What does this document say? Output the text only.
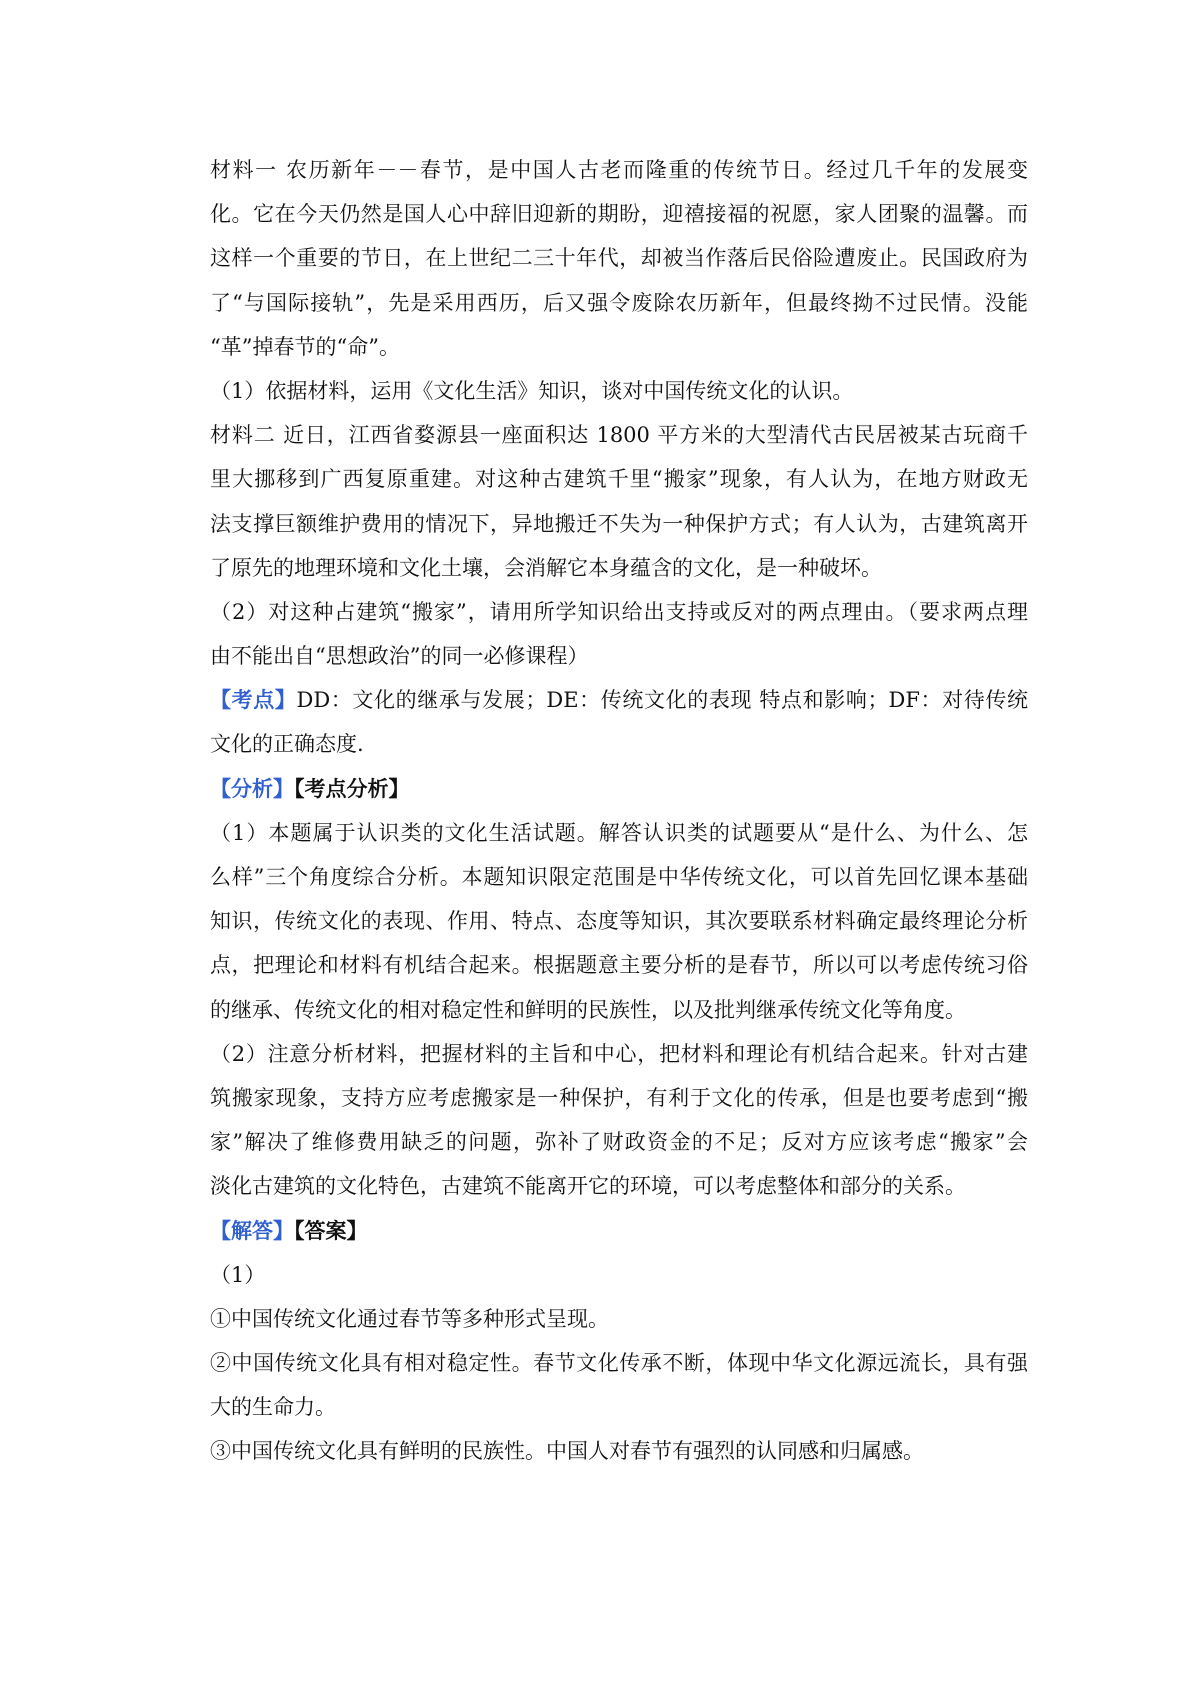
材料一 农历新年－－春节，是中国人古老而隆重的传统节日。经过几千年的发展变
化。它在今天仍然是国人心中辞旧迎新的期盼，迎禧接福的祝愿，家人团聚的温馨。而
这样一个重要的节日，在上世纪二三十年代，却被当作落后民俗险遭废止。民国政府为
了“与国际接轨”，先是采用西历，后又强令废除农历新年，但最终拗不过民情。没能
“革”掉春节的“命”。
（1）依据材料，运用《文化生活》知识，谈对中国传统文化的认识。
材料二 近日，江西省婺源县一座面积达 1800 平方米的大型清代古民居被某古玩商千
里大挪移到广西复原重建。对这种古建筑千里“搬家”现象，有人认为，在地方财政无
法支撑巨额维护费用的情况下，异地搬迁不失为一种保护方式；有人认为，古建筑离开
了原先的地理环境和文化土壤，会消解它本身蕴含的文化，是一种破坏。
（2）对这种占建筑“搬家”，请用所学知识给出支持或反对的两点理由。（要求两点理
由不能出自“思想政治”的同一必修课程）
【考点】DD：文化的继承与发展；DE：传统文化的表现 特点和影响；DF：对待传统
文化的正确态度.
【分析】【考点分析】
（1）本题属于认识类的文化生活试题。解答认识类的试题要从“是什么、为什么、怎
么样”三个角度综合分析。本题知识限定范围是中华传统文化，可以首先回忆课本基础
知识，传统文化的表现、作用、特点、态度等知识，其次要联系材料确定最终理论分析
点，把理论和材料有机结合起来。根据题意主要分析的是春节，所以可以考虑传统习俗
的继承、传统文化的相对稳定性和鲜明的民族性，以及批判继承传统文化等角度。
（2）注意分析材料，把握材料的主旨和中心，把材料和理论有机结合起来。针对古建
筑搬家现象，支持方应考虑搬家是一种保护，有利于文化的传承，但是也要考虑到“搬
家”解决了维修费用缺乏的问题，弥补了财政资金的不足；反对方应该考虑“搬家”会
淡化古建筑的文化特色，古建筑不能离开它的环境，可以考虑整体和部分的关系。
【解答】【答案】
（1）
①中国传统文化通过春节等多种形式呈现。
②中国传统文化具有相对稳定性。春节文化传承不断，体现中华文化源远流长，具有强
大的生命力。
③中国传统文化具有鲜明的民族性。中国人对春节有强烈的认同感和归属感。
